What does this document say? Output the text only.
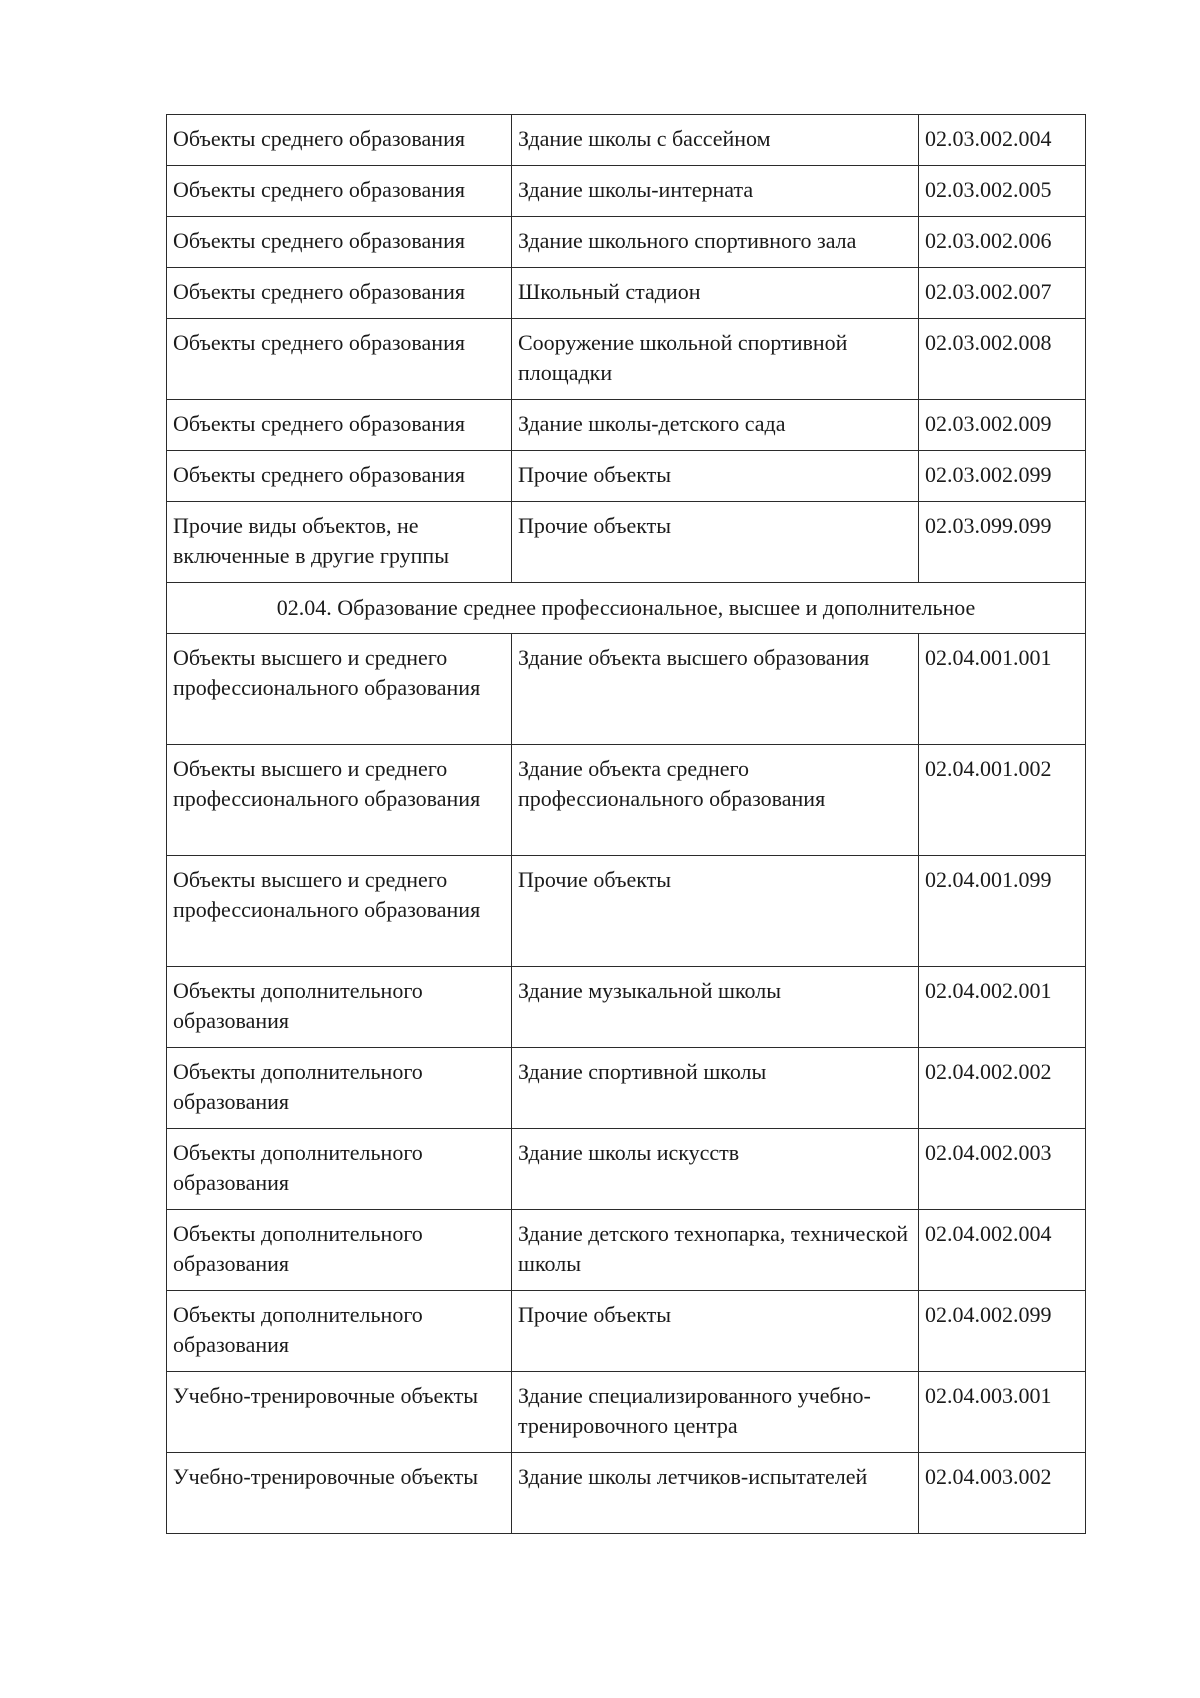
Объекты среднего образования	Здание школы с бассейном	02.03.002.004
Объекты среднего образования	Здание школы-интерната	02.03.002.005
Объекты среднего образования	Здание школьного спортивного зала	02.03.002.006
Объекты среднего образования	Школьный стадион	02.03.002.007
Объекты среднего образования	Сооружение школьной спортивной площадки	02.03.002.008
Объекты среднего образования	Здание школы-детского сада	02.03.002.009
Объекты среднего образования	Прочие объекты	02.03.002.099
Прочие виды объектов, не включенные в другие группы	Прочие объекты	02.03.099.099
02.04. Образование среднее профессиональное, высшее и дополнительное		
Объекты высшего и среднего профессионального образования	Здание объекта высшего образования	02.04.001.001
Объекты высшего и среднего профессионального образования	Здание объекта среднего профессионального образования	02.04.001.002
Объекты высшего и среднего профессионального образования	Прочие объекты	02.04.001.099
Объекты дополнительного образования	Здание музыкальной школы	02.04.002.001
Объекты дополнительного образования	Здание спортивной школы	02.04.002.002
Объекты дополнительного образования	Здание школы искусств	02.04.002.003
Объекты дополнительного образования	Здание детского технопарка, технической школы	02.04.002.004
Объекты дополнительного образования	Прочие объекты	02.04.002.099
Учебно-тренировочные объекты	Здание специализированного учебно-тренировочного центра	02.04.003.001
Учебно-тренировочные объекты	Здание школы летчиков-испытателей	02.04.003.002
